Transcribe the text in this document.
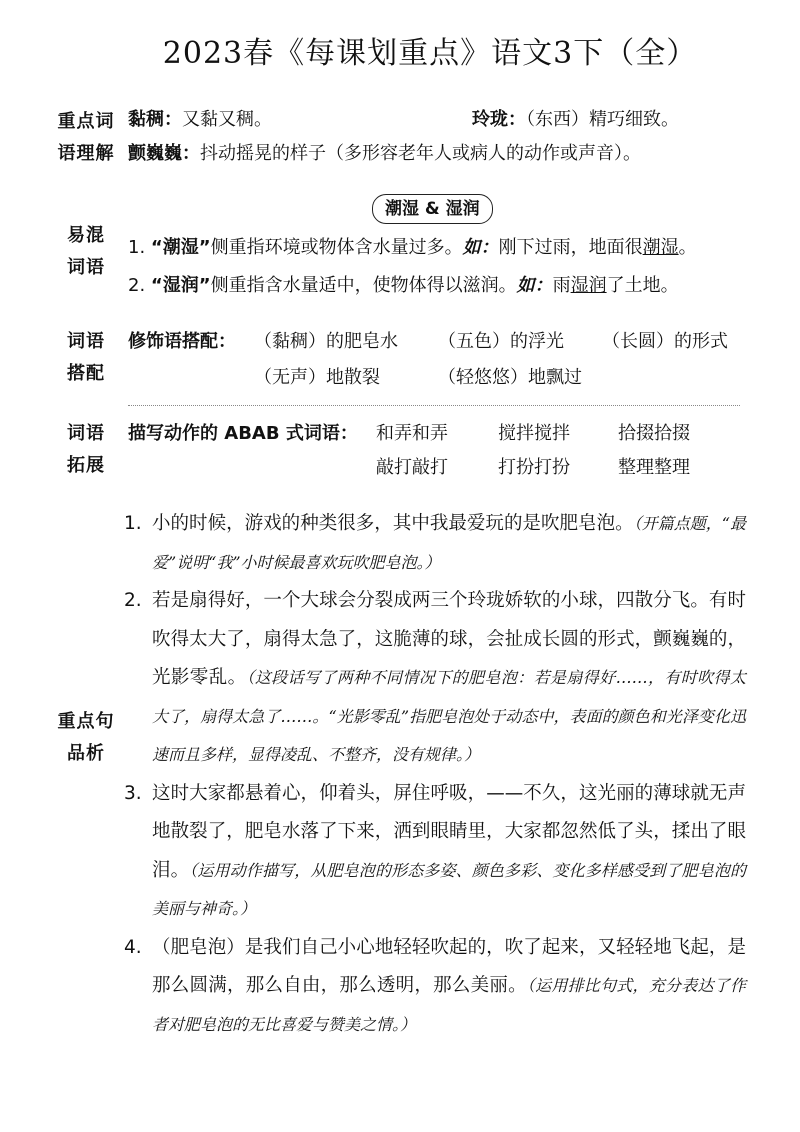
2023春《每课划重点》语文3下（全）
重点词
语理解
黏稠：又黏又稠。	玲珑：（东西）精巧细致。
颤巍巍：抖动摇晃的样子（多形容老年人或病人的动作或声音）。
潮湿 & 湿润
易混
词语
1. “潮湿”侧重指环境或物体含水量过多。如：刚下过雨，地面很潮湿。
2. “湿润”侧重指含水量适中，使物体得以滋润。如：雨湿润了土地。
词语
搭配
修饰语搭配： （黏稠）的肥皂水 （五色）的浮光 （长圆）的形式
（无声）地散裂	（轻悠悠）地飘过
词语
拓展
描写动作的 ABAB 式词语： 和弄和弄	搅拌搅拌	拾掇拾掇
敲打敲打	打扮打扮	整理整理
重点句
品析
1. 小的时候，游戏的种类很多，其中我最爱玩的是吹肥皂泡。（开篇点题，“最爱”说明“我”小时候最喜欢玩吹肥皂泡。）
2. 若是扇得好，一个大球会分裂成两三个玲珑娇软的小球，四散分飞。有时吹得太大了，扇得太急了，这脆薄的球，会扯成长圆的形式，颤巍巍的，光影零乱。（这段话写了两种不同情况下的肥皂泡：若是扇得好……，有时吹得太大了，扇得太急了……。“光影零乱”指肥皂泡处于动态中，表面的颜色和光泽变化迅速而且多样，显得凌乱、不整齐，没有规律。）
3. 这时大家都悬着心，仰着头，屏住呼吸，——不久，这光丽的薄球就无声地散裂了，肥皂水落了下来，洒到眼睛里，大家都忽然低了头，揉出了眼泪。（运用动作描写，从肥皂泡的形态多姿、颜色多彩、变化多样感受到了肥皂泡的美丽与神奇。）
4. （肥皂泡）是我们自己小心地轻轻吹起的，吹了起来，又轻轻地飞起，是那么圆满，那么自由，那么透明，那么美丽。（运用排比句式，充分表达了作者对肥皂泡的无比喜爱与赞美之情。）
